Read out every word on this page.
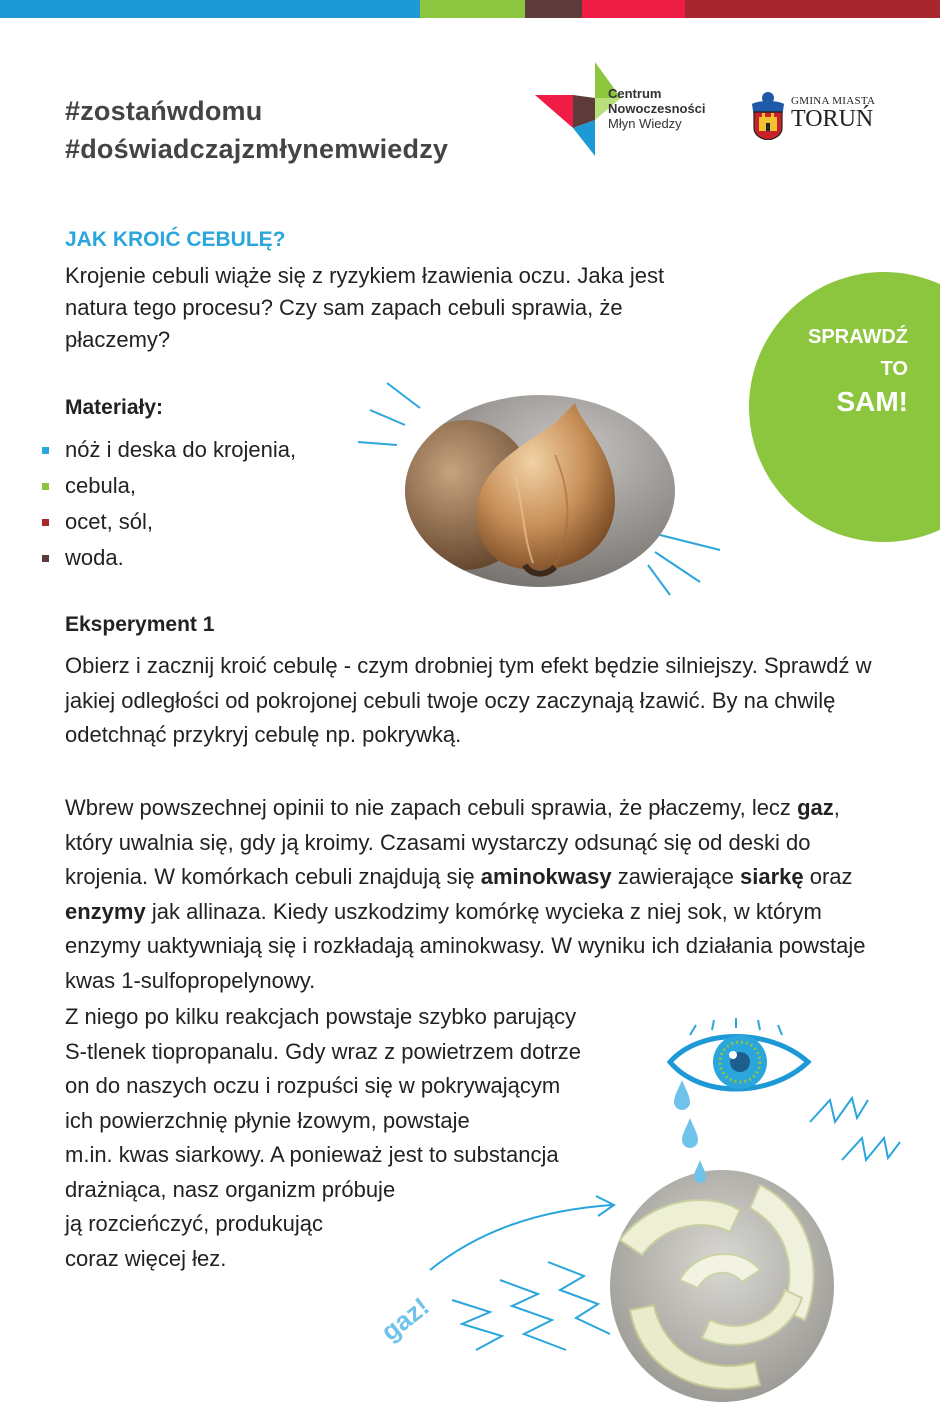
#zostańwdomu
#doświadczajzmłynemwiedzy
Centrum
Nowoczesności
Młyn Wiedzy
GMINA MIASTA
TORUŃ
JAK KROIĆ CEBULĘ?
Krojenie cebuli wiąże się z ryzykiem łzawienia oczu. Jaka jest natura tego procesu? Czy sam zapach cebuli sprawia, że płaczemy?	SPRAWDŹ
TO
SAM!
Materiały:
nóż i deska do krojenia,
cebula,
ocet, sól,
woda.
Eksperyment 1
Obierz i zacznij kroić cebulę - czym drobniej tym efekt będzie silniejszy. Sprawdź w jakiej odległości od pokrojonej cebuli twoje oczy zaczynają łzawić. By na chwilę odetchnąć przykryj cebulę np. pokrywką.
Wbrew powszechnej opinii to nie zapach cebuli sprawia, że płaczemy, lecz gaz, który uwalnia się, gdy ją kroimy. Czasami wystarczy odsunąć się od deski do krojenia. W komórkach cebuli znajdują się aminokwasy zawierające siarkę oraz enzymy jak allinaza. Kiedy uszkodzimy komórkę wycieka z niej sok, w którym enzymy uaktywniają się i rozkładają aminokwasy. W wyniku ich działania powstaje kwas 1-sulfopropelynowy.
Z niego po kilku reakcjach powstaje szybko parujący
S-tlenek tiopropanalu. Gdy wraz z powietrzem dotrze
on do naszych oczu i rozpuści się w pokrywającym
ich powierzchnię płynie łzowym, powstaje
m.in. kwas siarkowy. A ponieważ jest to substancja
drażniąca, nasz organizm próbuje
ją rozcieńczyć, produkując
coraz więcej łez.
gaz!
